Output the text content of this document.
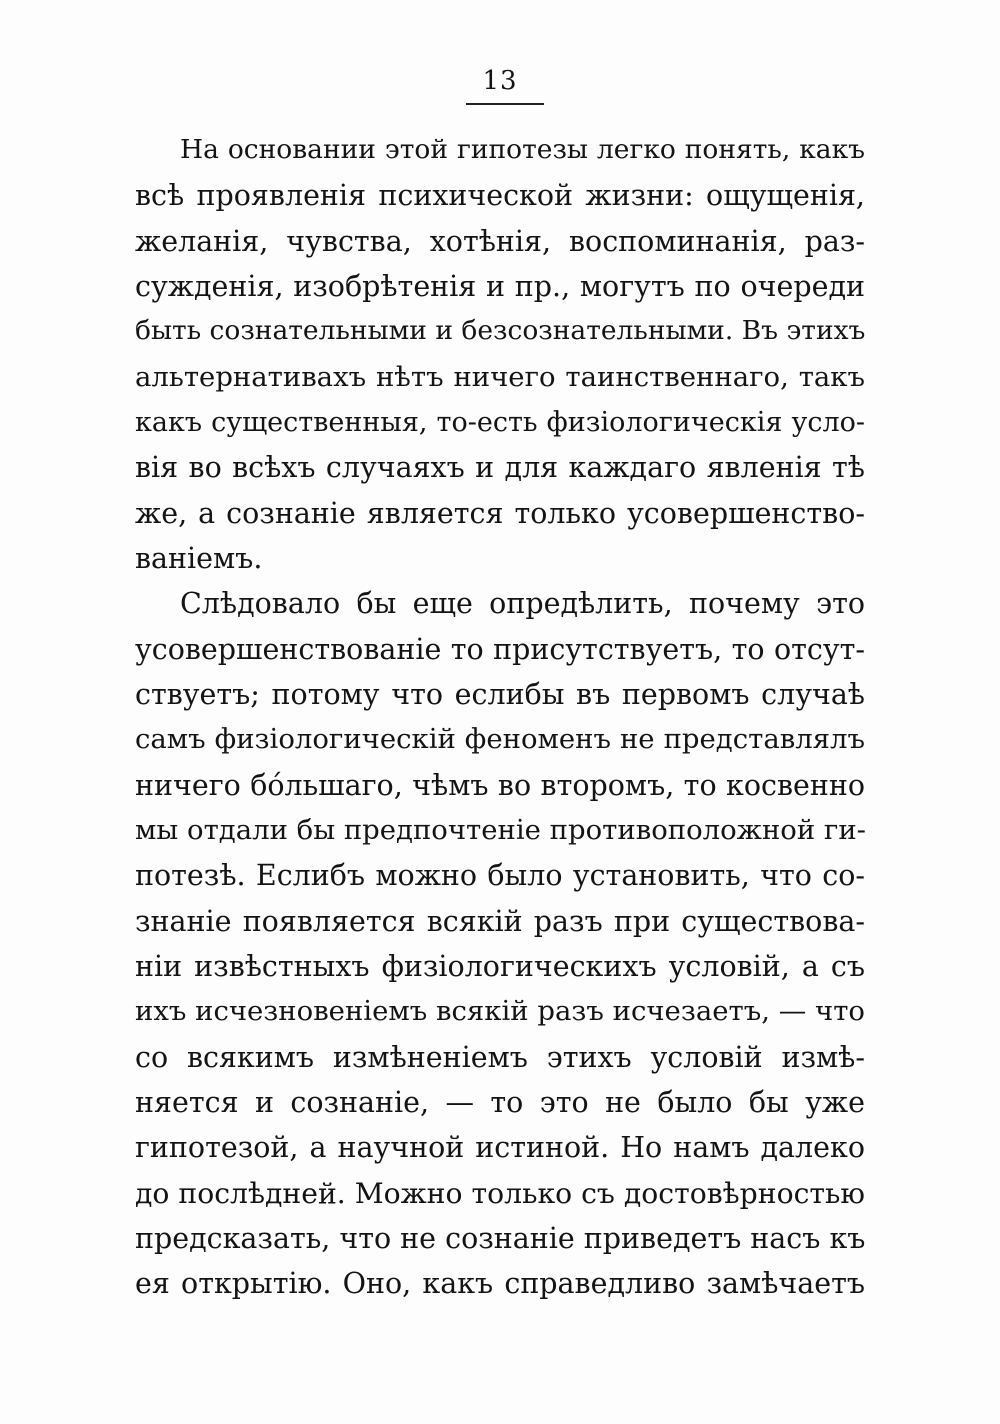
13
На основании этой гипотезы легко понять, какъ
всѣ проявленія психической жизни: ощущенія,
желанія, чувства, хотѣнія, воспоминанія, раз-
сужденія, изобрѣтенія и пр., могутъ по очереди
быть сознательными и безсознательными. Въ этихъ
альтернативахъ нѣтъ ничего таинственнаго, такъ
какъ существенныя, то-есть физіологическія усло-
вія во всѣхъ случаяхъ и для каждаго явленія тѣ
же, а сознаніе является только усовершенство-
ваніемъ.
Слѣдовало бы еще опредѣлить, почему это
усовершенствованіе то присутствуетъ, то отсут-
ствуетъ; потому что еслибы въ первомъ случаѣ
самъ физіологическій феноменъ не представлялъ
ничего бо́льшаго, чѣмъ во второмъ, то косвенно
мы отдали бы предпочтеніе противоположной ги-
потезѣ. Еслибъ можно было установить, что со-
знаніе появляется всякій разъ при существова-
ніи извѣстныхъ физіологическихъ условій, а съ
ихъ исчезновеніемъ всякій разъ исчезаетъ, — что
со всякимъ измѣненіемъ этихъ условій измѣ-
няется и сознаніе, — то это не было бы уже
гипотезой, а научной истиной. Но намъ далеко
до послѣдней. Можно только съ достовѣрностью
предсказать, что не сознаніе приведетъ насъ къ
ея открытію. Оно, какъ справедливо замѣчаетъ
